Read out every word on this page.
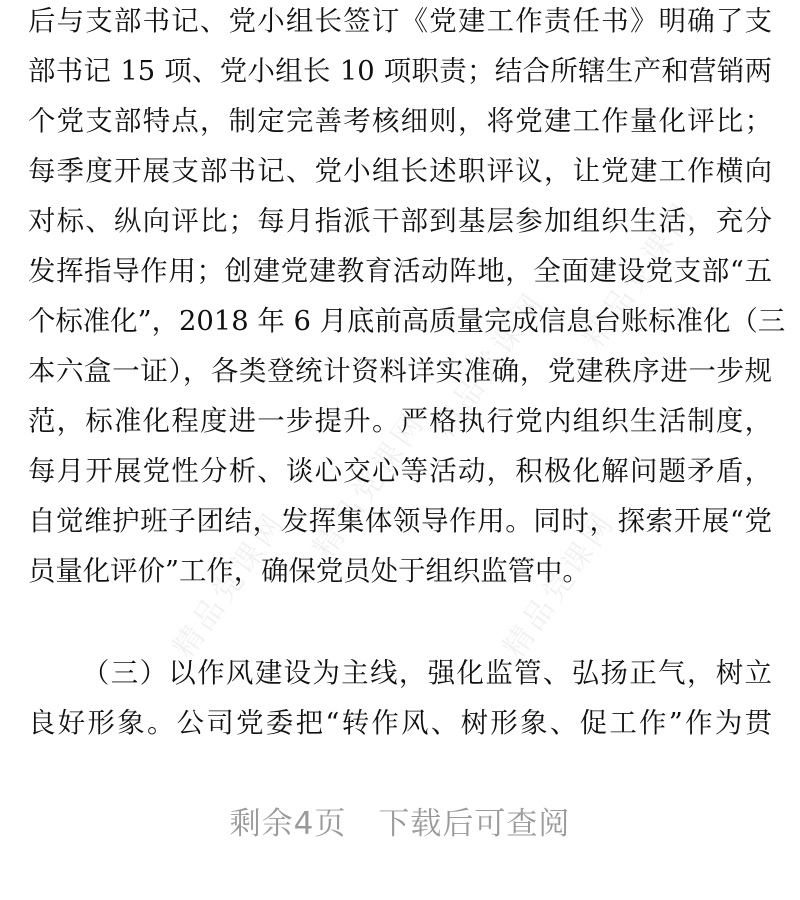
精品党课网
精品党课网
精品党课网
精品党课网
精品党课网
后与支部书记、党小组长签订《党建工作责任书》明确了支
部书记 15 项、党小组长 10 项职责；结合所辖生产和营销两
个党支部特点，制定完善考核细则，将党建工作量化评比；
每季度开展支部书记、党小组长述职评议，让党建工作横向
对标、纵向评比；每月指派干部到基层参加组织生活，充分
发挥指导作用；创建党建教育活动阵地，全面建设党支部“五
个标准化”，2018 年 6 月底前高质量完成信息台账标准化（三
本六盒一证），各类登统计资料详实准确，党建秩序进一步规
范，标准化程度进一步提升。严格执行党内组织生活制度，
每月开展党性分析、谈心交心等活动，积极化解问题矛盾，
自觉维护班子团结，发挥集体领导作用。同时，探索开展“党
员量化评价”工作，确保党员处于组织监管中。
（三）以作风建设为主线，强化监管、弘扬正气，树立
良好形象。公司党委把“转作风、树形象、促工作”作为贯
剩余4页 下载后可查阅
